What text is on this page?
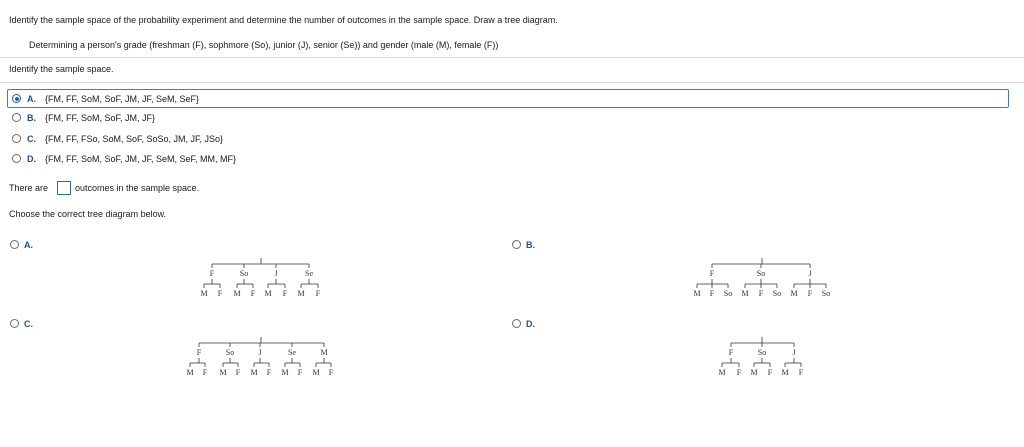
Identify the sample space of the probability experiment and determine the number of outcomes in the sample space. Draw a tree diagram.
Determining a person's grade (freshman (F), sophmore (So), junior (J), senior (Se)) and gender (male (M), female (F))
Identify the sample space.
A. {FM, FF, SoM, SoF, JM, JF, SeM, SeF}
B. {FM, FF, SoM, SoF, JM, JF}
C. {FM, FF, FSo, SoM, SoF, SoSo, JM, JF, JSo}
D. {FM, FF, SoM, SoF, JM, JF, SeM, SeF, MM, MF}
There are	outcomes in the sample space.
Choose the correct tree diagram below.
A.	B.
C.	D.
F	So	J	Se
M F M F M F M F
F	So	J
M F So M F So M F So
F	So	J	Se	M
M F M F M F M F M F
F	So	J
M F M F M F
